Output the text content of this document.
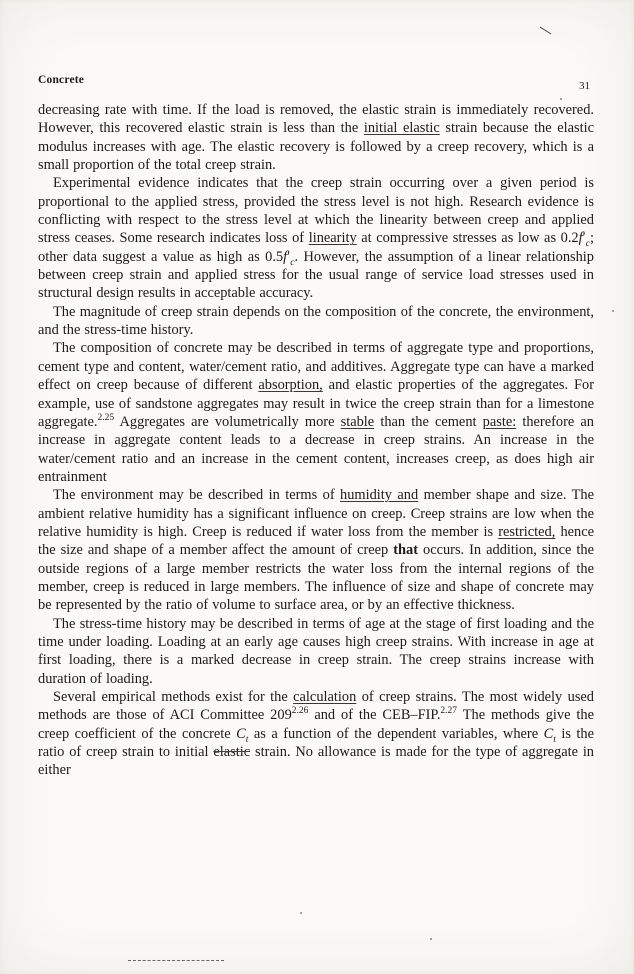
Concrete	31

decreasing rate with time. If the load is removed, the elastic strain is immediately recovered. However, this recovered elastic strain is less than the initial elastic strain because the elastic modulus increases with age. The elastic recovery is followed by a creep recovery, which is a small proportion of the total creep strain.

Experimental evidence indicates that the creep strain occurring over a given period is proportional to the applied stress, provided the stress level is not high. Research evidence is conflicting with respect to the stress level at which the linearity between creep and applied stress ceases. Some research indicates loss of linearity at compressive stresses as low as $0.2f'_c$; other data suggest a value as high as $0.5f'_c$. However, the assumption of a linear relationship between creep strain and applied stress for the usual range of service load stresses used in structural design results in acceptable accuracy.

The magnitude of creep strain depends on the composition of the concrete, the environment, and the stress-time history.

The composition of concrete may be described in terms of aggregate type and proportions, cement type and content, water/cement ratio, and additives. Aggregate type can have a marked effect on creep because of different absorption, and elastic properties of the aggregates. For example, use of sandstone aggregates may result in twice the creep strain than for a limestone aggregate.$^{2.25}$ Aggregates are volumetrically more stable than the cement paste: therefore an increase in aggregate content leads to a decrease in creep strains. An increase in the water/cement ratio and an increase in the cement content, increases creep, as does high air entrainment

The environment may be described in terms of humidity and member shape and size. The ambient relative humidity has a significant influence on creep. Creep strains are low when the relative humidity is high. Creep is reduced if water loss from the member is restricted, hence the size and shape of a member affect the amount of creep that occurs. In addition, since the outside regions of a large member restricts the water loss from the internal regions of the member, creep is reduced in large members. The influence of size and shape of concrete may be represented by the ratio of volume to surface area, or by an effective thickness.

The stress-time history may be described in terms of age at the stage of first loading and the time under loading. Loading at an early age causes high creep strains. With increase in age at first loading, there is a marked decrease in creep strain. The creep strains increase with duration of loading.

Several empirical methods exist for the calculation of creep strains. The most widely used methods are those of ACI Committee 209$^{2.26}$ and of the CEB–FIP.$^{2.27}$ The methods give the creep coefficient of the concrete $C_t$ as a function of the dependent variables, where $C_t$ is the ratio of creep strain to initial elastic strain. No allowance is made for the type of aggregate in either
